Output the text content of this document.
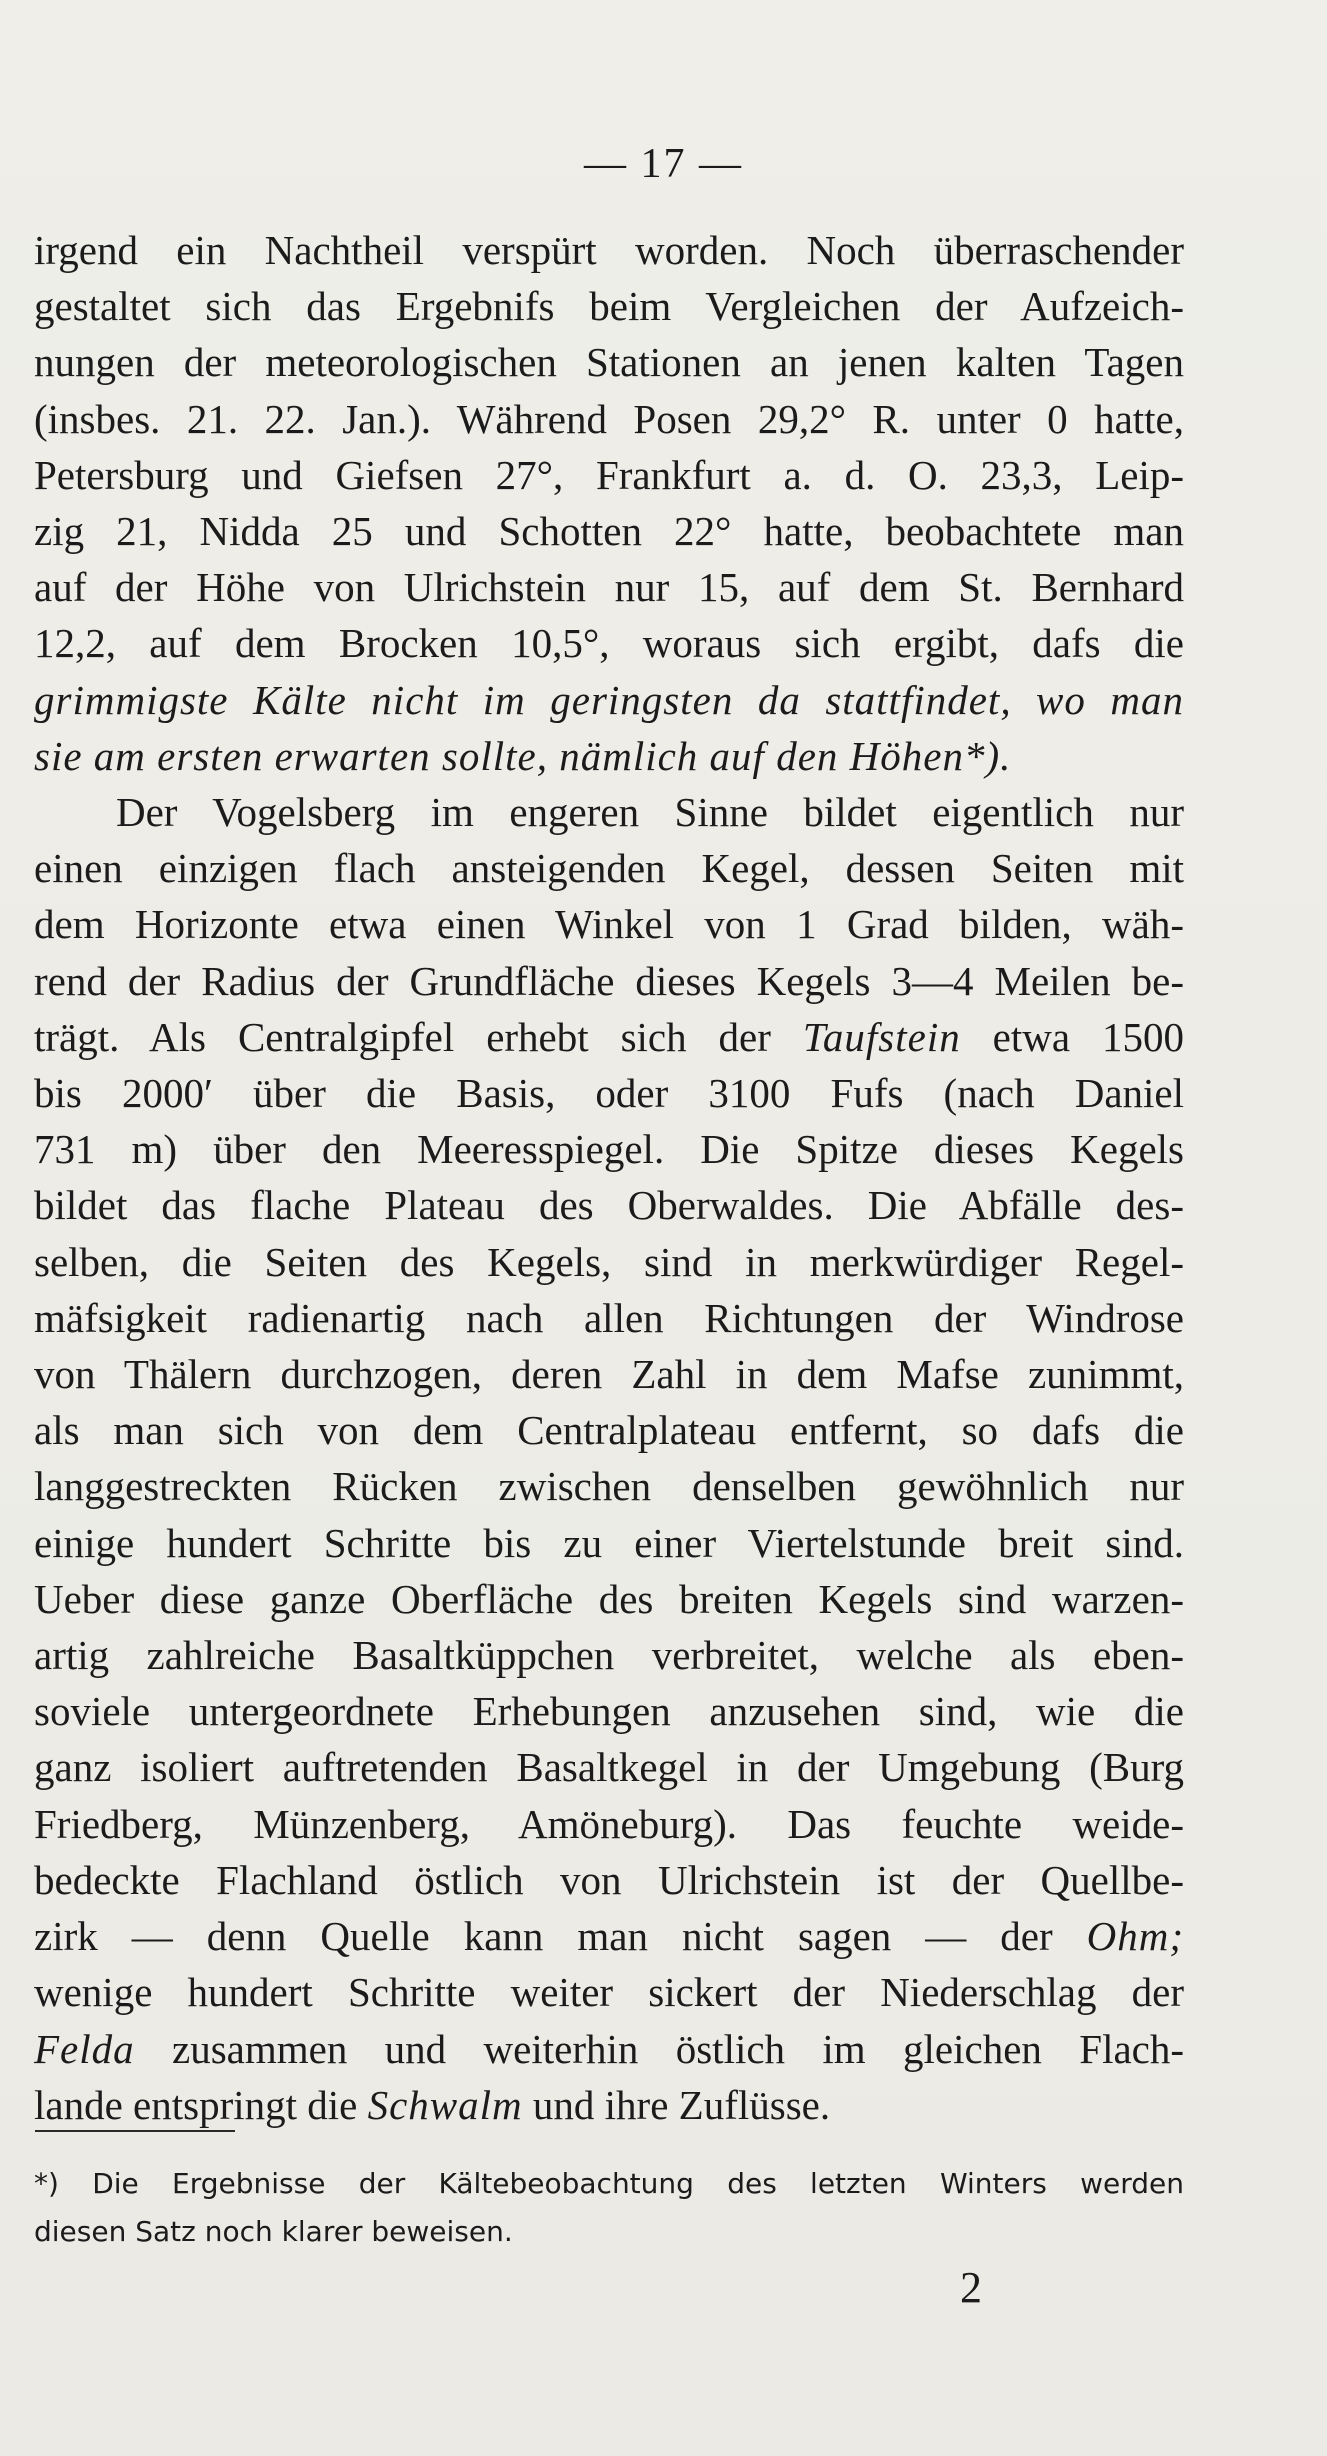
— 17 —
irgend ein Nachtheil verspürt worden. Noch überraschender
gestaltet sich das Ergebnifs beim Vergleichen der Aufzeich-
nungen der meteorologischen Stationen an jenen kalten Tagen
(insbes. 21. 22. Jan.). Während Posen 29,2° R. unter 0 hatte,
Petersburg und Giefsen 27°, Frankfurt a. d. O. 23,3, Leip-
zig 21, Nidda 25 und Schotten 22° hatte, beobachtete man
auf der Höhe von Ulrichstein nur 15, auf dem St. Bernhard
12,2, auf dem Brocken 10,5°, woraus sich ergibt, dafs die
grimmigste Kälte nicht im geringsten da stattfindet, wo man
sie am ersten erwarten sollte, nämlich auf den Höhen*).
Der Vogelsberg im engeren Sinne bildet eigentlich nur
einen einzigen flach ansteigenden Kegel, dessen Seiten mit
dem Horizonte etwa einen Winkel von 1 Grad bilden, wäh-
rend der Radius der Grundfläche dieses Kegels 3—4 Meilen be-
trägt. Als Centralgipfel erhebt sich der Taufstein etwa 1500
bis 2000′ über die Basis, oder 3100 Fufs (nach Daniel
731 m) über den Meeresspiegel. Die Spitze dieses Kegels
bildet das flache Plateau des Oberwaldes. Die Abfälle des-
selben, die Seiten des Kegels, sind in merkwürdiger Regel-
mäfsigkeit radienartig nach allen Richtungen der Windrose
von Thälern durchzogen, deren Zahl in dem Mafse zunimmt,
als man sich von dem Centralplateau entfernt, so dafs die
langgestreckten Rücken zwischen denselben gewöhnlich nur
einige hundert Schritte bis zu einer Viertelstunde breit sind.
Ueber diese ganze Oberfläche des breiten Kegels sind warzen-
artig zahlreiche Basaltküppchen verbreitet, welche als eben-
soviele untergeordnete Erhebungen anzusehen sind, wie die
ganz isoliert auftretenden Basaltkegel in der Umgebung (Burg
Friedberg, Münzenberg, Amöneburg). Das feuchte weide-
bedeckte Flachland östlich von Ulrichstein ist der Quellbe-
zirk — denn Quelle kann man nicht sagen — der Ohm;
wenige hundert Schritte weiter sickert der Niederschlag der
Felda zusammen und weiterhin östlich im gleichen Flach-
lande entspringt die Schwalm und ihre Zuflüsse.
*) Die Ergebnisse der Kältebeobachtung des letzten Winters werden
diesen Satz noch klarer beweisen.
2
